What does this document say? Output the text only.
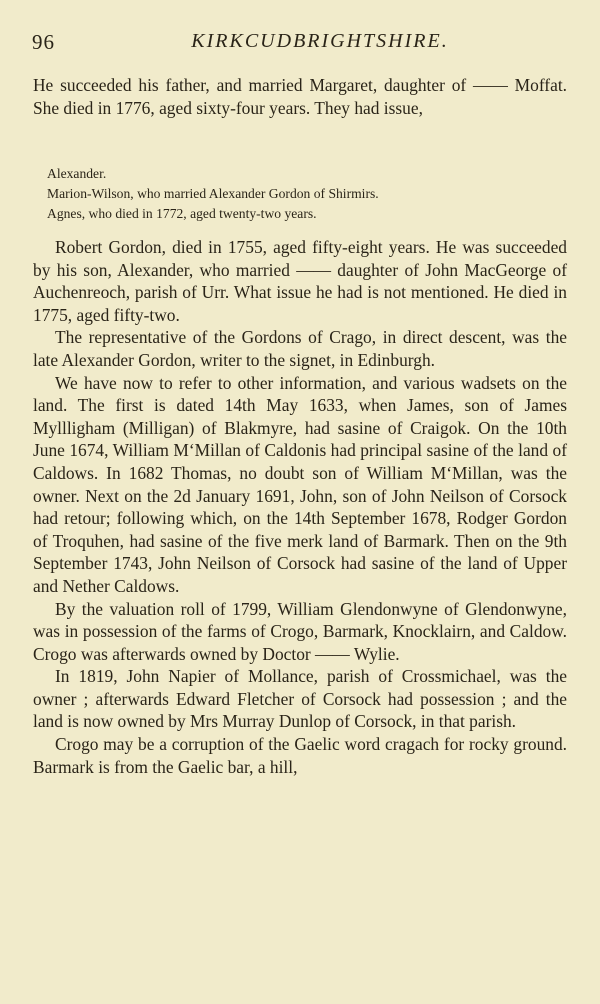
96	KIRKCUDBRIGHTSHIRE.

He succeeded his father, and married Margaret, daughter of —— Moffat. She died in 1776, aged sixty-four years. They had issue,

Alexander.
Marion-Wilson, who married Alexander Gordon of Shirmirs.
Agnes, who died in 1772, aged twenty-two years.

Robert Gordon, died in 1755, aged fifty-eight years. He was succeeded by his son, Alexander, who married —— daughter of John MacGeorge of Auchenreoch, parish of Urr. What issue he had is not mentioned. He died in 1775, aged fifty-two.

The representative of the Gordons of Crago, in direct descent, was the late Alexander Gordon, writer to the signet, in Edinburgh.

We have now to refer to other information, and various wadsets on the land. The first is dated 14th May 1633, when James, son of James Myllligham (Milligan) of Blakmyre, had sasine of Craigok. On the 10th June 1674, William M‘Millan of Caldonis had principal sasine of the land of Caldows. In 1682 Thomas, no doubt son of William M‘Millan, was the owner. Next on the 2d January 1691, John, son of John Neilson of Corsock had retour; following which, on the 14th September 1678, Rodger Gordon of Troquhen, had sasine of the five merk land of Barmark. Then on the 9th September 1743, John Neilson of Corsock had sasine of the land of Upper and Nether Caldows.

By the valuation roll of 1799, William Glendonwyne of Glendonwyne, was in possession of the farms of Crogo, Barmark, Knocklairn, and Caldow. Crogo was afterwards owned by Doctor —— Wylie.

In 1819, John Napier of Mollance, parish of Crossmichael, was the owner ; afterwards Edward Fletcher of Corsock had possession ; and the land is now owned by Mrs Murray Dunlop of Corsock, in that parish.

Crogo may be a corruption of the Gaelic word cragach for rocky ground. Barmark is from the Gaelic bar, a hill,
